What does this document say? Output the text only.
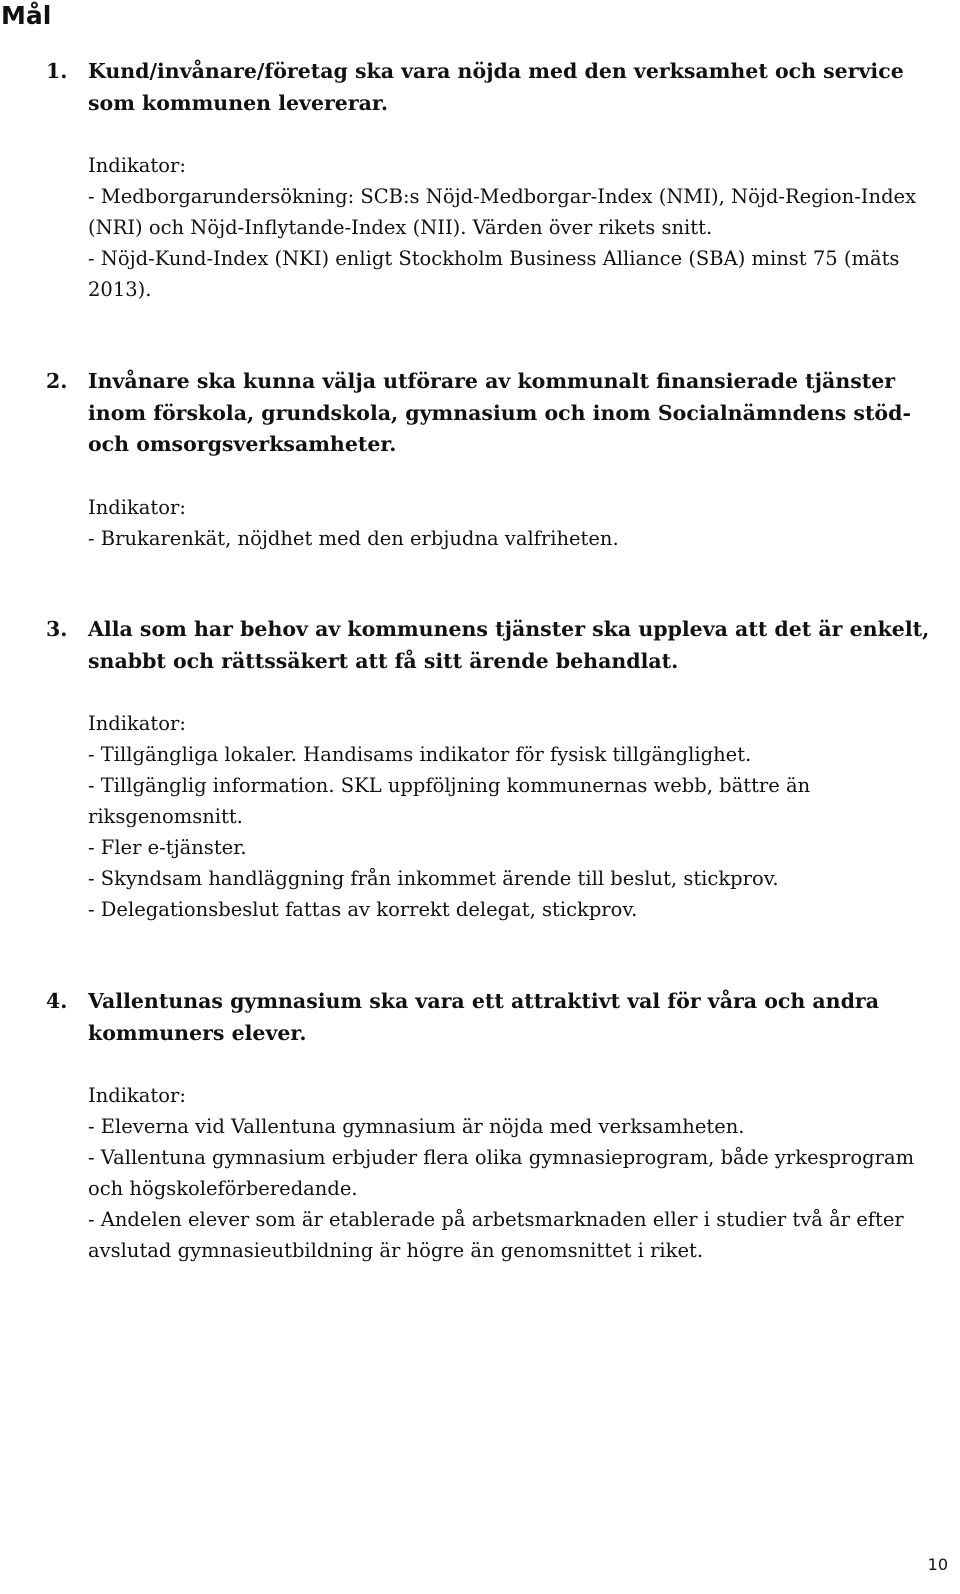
Mål
1. Kund/invånare/företag ska vara nöjda med den verksamhet och service som kommunen levererar.

Indikator:

- Medborgarundersökning: SCB:s Nöjd-Medborgar-Index (NMI), Nöjd-Region-Index (NRI) och Nöjd-Inflytande-Index (NII). Värden över rikets snitt.

- Nöjd-Kund-Index (NKI) enligt Stockholm Business Alliance (SBA) minst 75 (mäts 2013).

2. Invånare ska kunna välja utförare av kommunalt finansierade tjänster inom förskola, grundskola, gymnasium och inom Socialnämndens stöd- och omsorgsverksamheter.

Indikator:

- Brukarenkät, nöjdhet med den erbjudna valfriheten.

3. Alla som har behov av kommunens tjänster ska uppleva att det är enkelt, snabbt och rättssäkert att få sitt ärende behandlat.

Indikator:

- Tillgängliga lokaler. Handisams indikator för fysisk tillgänglighet.

- Tillgänglig information. SKL uppföljning kommunernas webb, bättre än riksgenomsnitt.

- Fler e-tjänster.

- Skyndsam handläggning från inkommet ärende till beslut, stickprov.

- Delegationsbeslut fattas av korrekt delegat, stickprov.

4. Vallentunas gymnasium ska vara ett attraktivt val för våra och andra kommuners elever.

Indikator:

- Eleverna vid Vallentuna gymnasium är nöjda med verksamheten.

- Vallentuna gymnasium erbjuder flera olika gymnasieprogram, både yrkesprogram och högskoleförberedande.

- Andelen elever som är etablerade på arbetsmarknaden eller i studier två år efter avslutad gymnasieutbildning är högre än genomsnittet i riket.

10
